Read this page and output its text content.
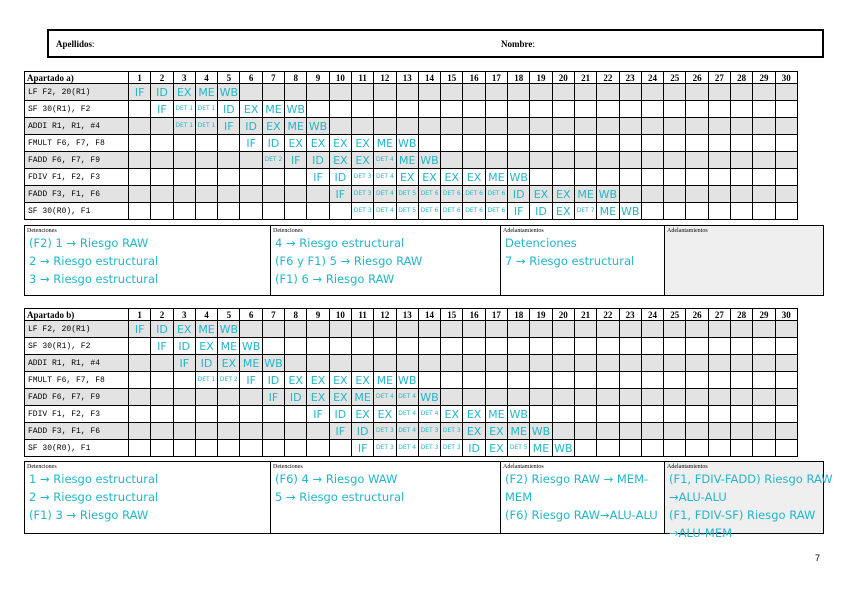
Apellidos:	Nombre:
Apartado a)	1	2	3	4	5	6	7	8	9	10	11	12	13	14	15	16	17	18	19	20	21	22	23	24	25	26	27	28	29	30
LF F2, 20(R1)	IF	ID	EX	ME	WB																									
SF 30(R1), F2		IF	DET 1	DET 1	ID	EX	ME	WB																						
ADDI R1, R1, #4			DET 1	DET 1	IF	ID	EX	ME	WB																					
FMULT F6, F7, F8						IF	ID	EX	EX	EX	EX	ME	WB																	
FADD F6, F7, F9							DET 2	IF	ID	EX	EX	DET 4	ME	WB																
FDIV F1, F2, F3									IF	ID	DET 3	DET 4	EX	EX	EX	EX	ME	WB												
FADD F3, F1, F6										IF	DET 3	DET 4	DET 5	DET 6	DET 6	DET 6	DET 6	ID	EX	EX	ME	WB								
SF 30(R0), F1											DET 3	DET 4	DET 5	DET 6	DET 6	DET 6	DET 6	IF	ID	EX	DET 7	ME	WB							
Detenciones
(F2) 1 → Riesgo RAW
2 → Riesgo estructural
3 → Riesgo estructural
Detenciones
4 → Riesgo estructural
(F6 y F1) 5 → Riesgo RAW
(F1) 6 → Riesgo RAW
Adelantamientos
Detenciones
7 → Riesgo estructural
Adelantamientos
Apartado b)	1	2	3	4	5	6	7	8	9	10	11	12	13	14	15	16	17	18	19	20	21	22	23	24	25	26	27	28	29	30
LF F2, 20(R1)	IF	ID	EX	ME	WB																									
SF 30(R1), F2		IF	ID	EX	ME	WB																								
ADDI R1, R1, #4			IF	ID	EX	ME	WB																							
FMULT F6, F7, F8				DET 1	DET 2	IF	ID	EX	EX	EX	EX	ME	WB																	
FADD F6, F7, F9							IF	ID	EX	EX	ME	DET 4	DET 4	WB																
FDIV F1, F2, F3									IF	ID	EX	EX	DET 4	DET 4	EX	EX	ME	WB												
FADD F3, F1, F6										IF	ID	DET 3	DET 4	DET 3	DET 3	EX	EX	ME	WB											
SF 30(R0), F1											IF	DET 3	DET 4	DET 3	DET 3	ID	EX	DET 5	ME	WB										
Detenciones
1 → Riesgo estructural
2 → Riesgo estructural
(F1) 3 → Riesgo RAW
Detenciones
(F6) 4 → Riesgo WAW
5 → Riesgo estructural
Adelantamientos
(F2) Riesgo RAW → MEM-
MEM
(F6) Riesgo RAW→ALU-ALU
Adelantamientos
(F1, FDIV-FADD) Riesgo RAW
→ALU-ALU
(F1, FDIV-SF) Riesgo RAW
→ALU-MEM
7
